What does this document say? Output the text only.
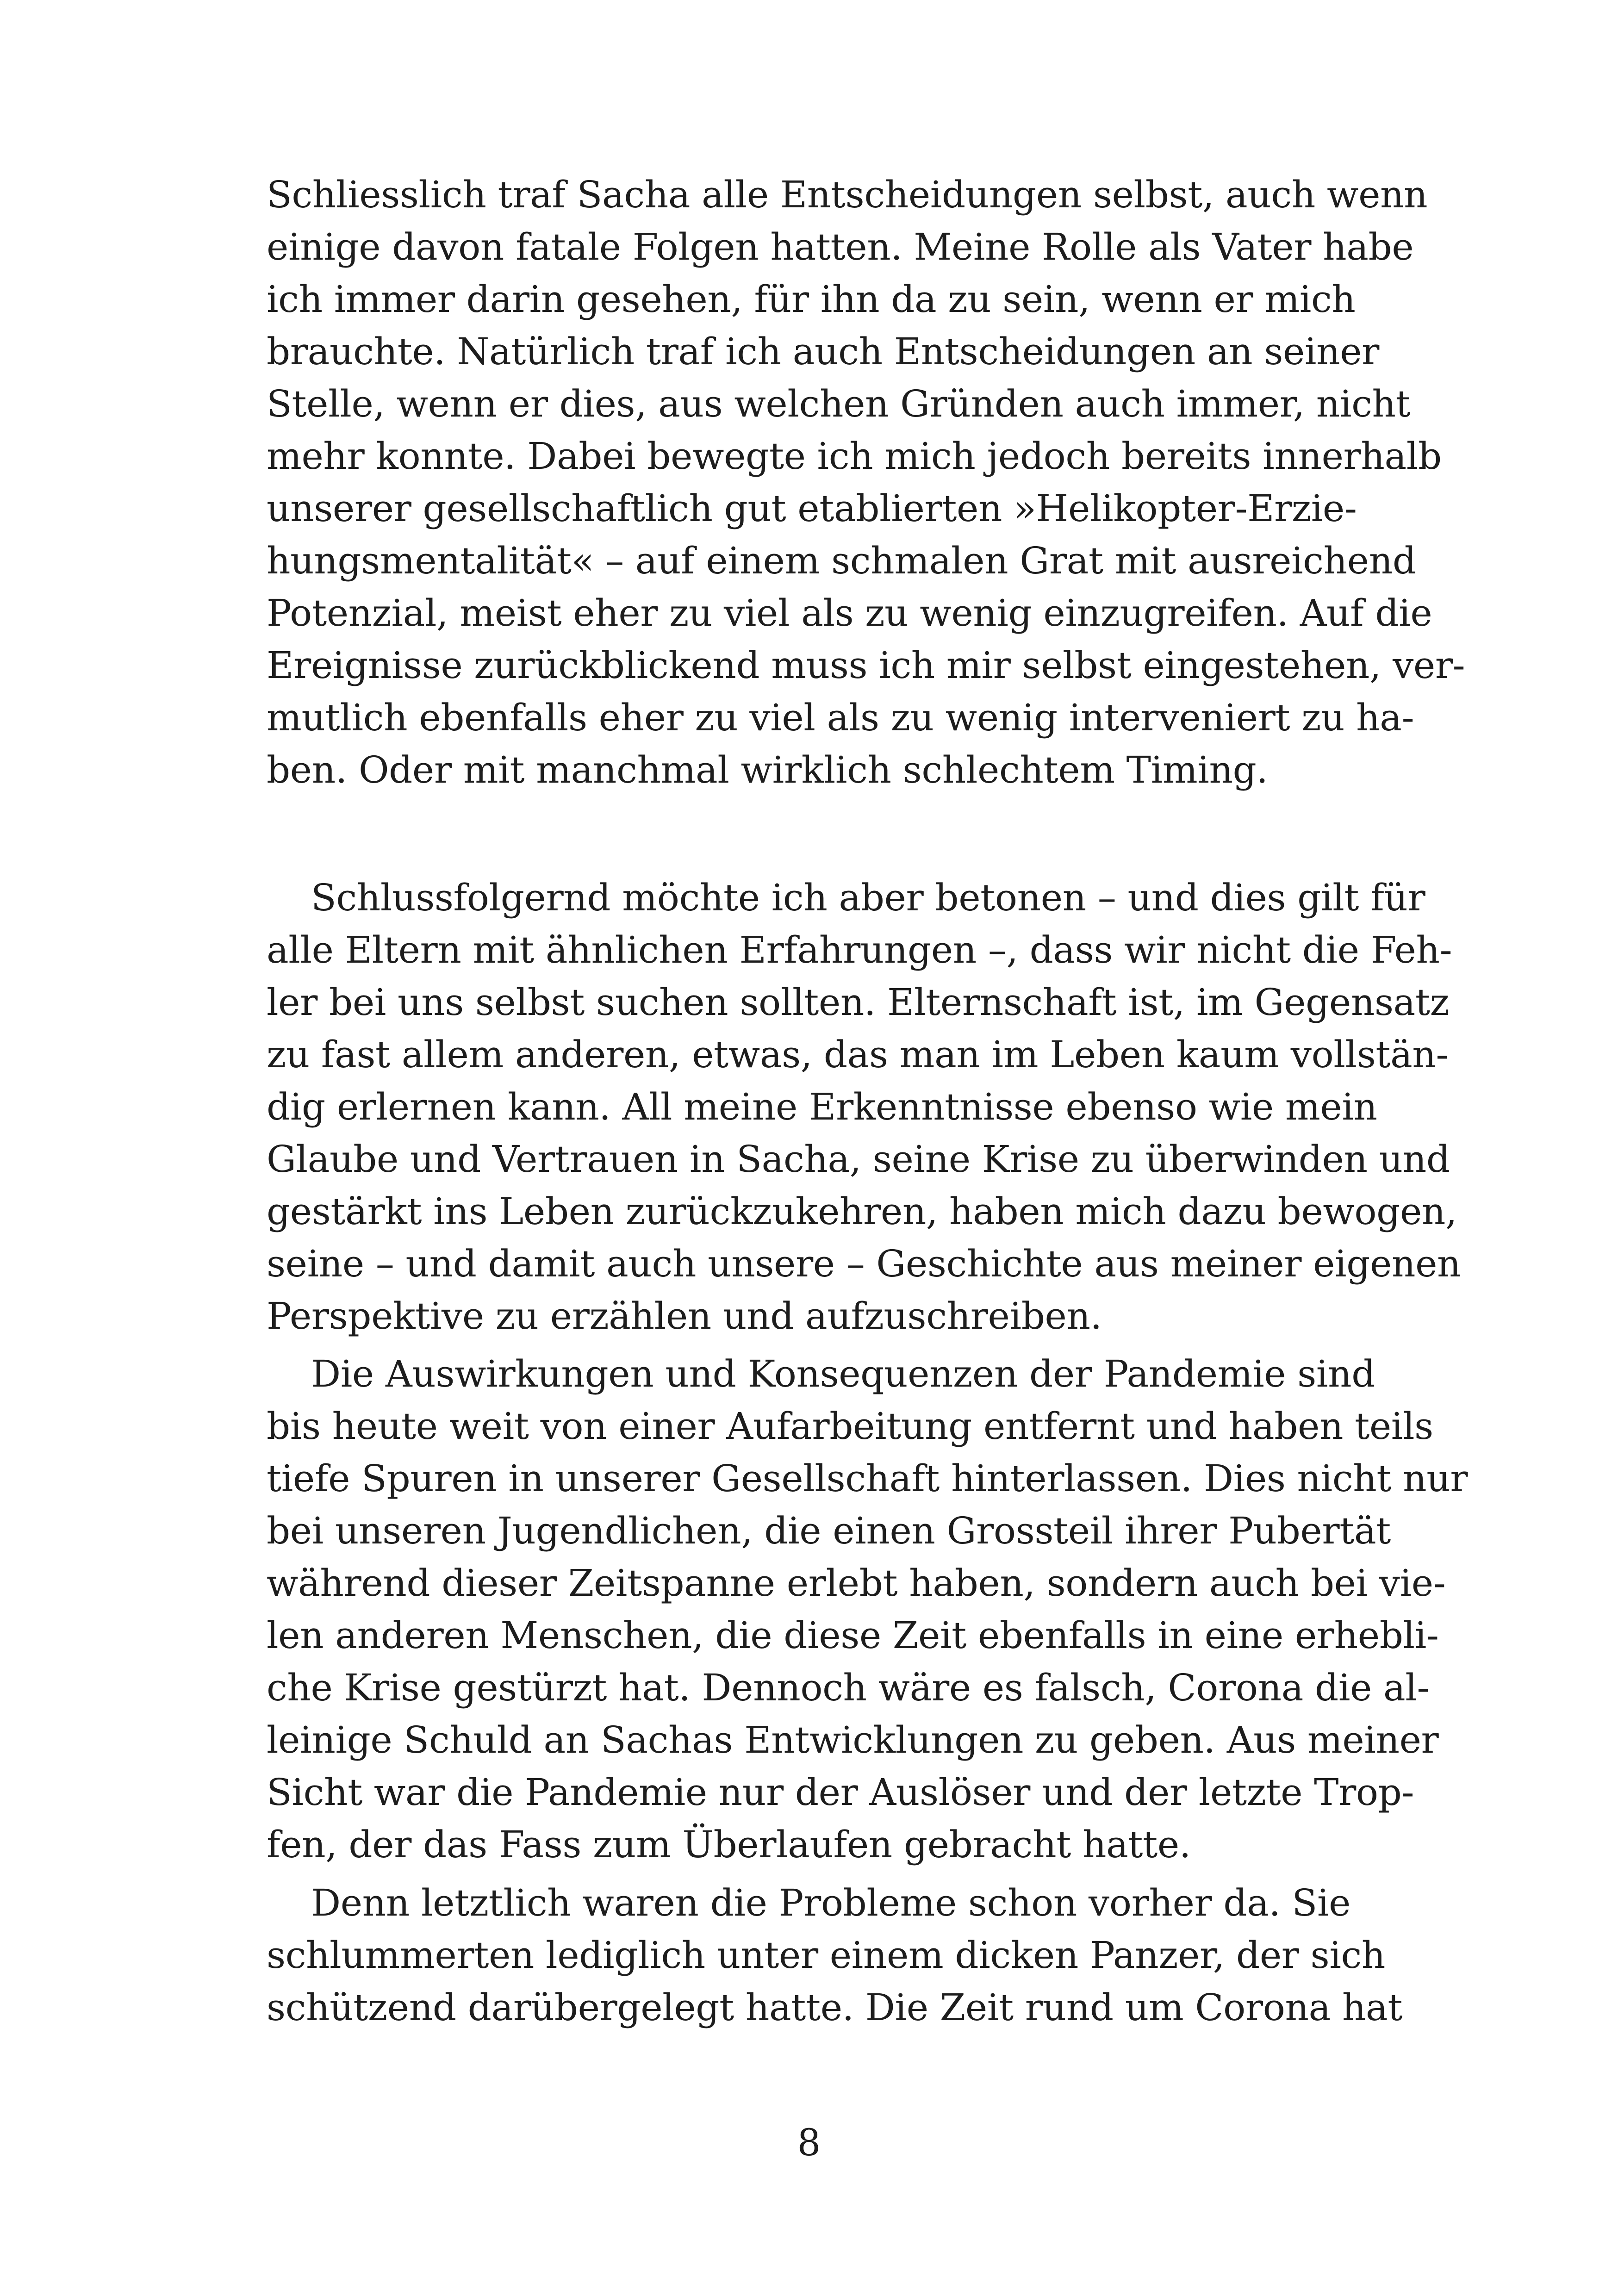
Schliesslich traf Sacha alle Entscheidungen selbst, auch wenn
einige davon fatale Folgen hatten. Meine Rolle als Vater habe
ich immer darin gesehen, für ihn da zu sein, wenn er mich
brauchte. Natürlich traf ich auch Entscheidungen an seiner
Stelle, wenn er dies, aus welchen Gründen auch immer, nicht
mehr konnte. Dabei bewegte ich mich jedoch bereits innerhalb
unserer gesellschaftlich gut etablierten »Helikopter-Erzie-
hungsmentalität« – auf einem schmalen Grat mit ausreichend
Potenzial, meist eher zu viel als zu wenig einzugreifen. Auf die
Ereignisse zurückblickend muss ich mir selbst eingestehen, ver-
mutlich ebenfalls eher zu viel als zu wenig interveniert zu ha-
ben. Oder mit manchmal wirklich schlechtem Timing.
Schlussfolgernd möchte ich aber betonen – und dies gilt für
alle Eltern mit ähnlichen Erfahrungen –, dass wir nicht die Feh-
ler bei uns selbst suchen sollten. Elternschaft ist, im Gegensatz
zu fast allem anderen, etwas, das man im Leben kaum vollstän-
dig erlernen kann. All meine Erkenntnisse ebenso wie mein
Glaube und Vertrauen in Sacha, seine Krise zu überwinden und
gestärkt ins Leben zurückzukehren, haben mich dazu bewogen,
seine – und damit auch unsere – Geschichte aus meiner eigenen
Perspektive zu erzählen und aufzuschreiben.
Die Auswirkungen und Konsequenzen der Pandemie sind
bis heute weit von einer Aufarbeitung entfernt und haben teils
tiefe Spuren in unserer Gesellschaft hinterlassen. Dies nicht nur
bei unseren Jugendlichen, die einen Grossteil ihrer Pubertät
während dieser Zeitspanne erlebt haben, sondern auch bei vie-
len anderen Menschen, die diese Zeit ebenfalls in eine erhebli-
che Krise gestürzt hat. Dennoch wäre es falsch, Corona die al-
leinige Schuld an Sachas Entwicklungen zu geben. Aus meiner
Sicht war die Pandemie nur der Auslöser und der letzte Trop-
fen, der das Fass zum Überlaufen gebracht hatte.
Denn letztlich waren die Probleme schon vorher da. Sie
schlummerten lediglich unter einem dicken Panzer, der sich
schützend darübergelegt hatte. Die Zeit rund um Corona hat
8
